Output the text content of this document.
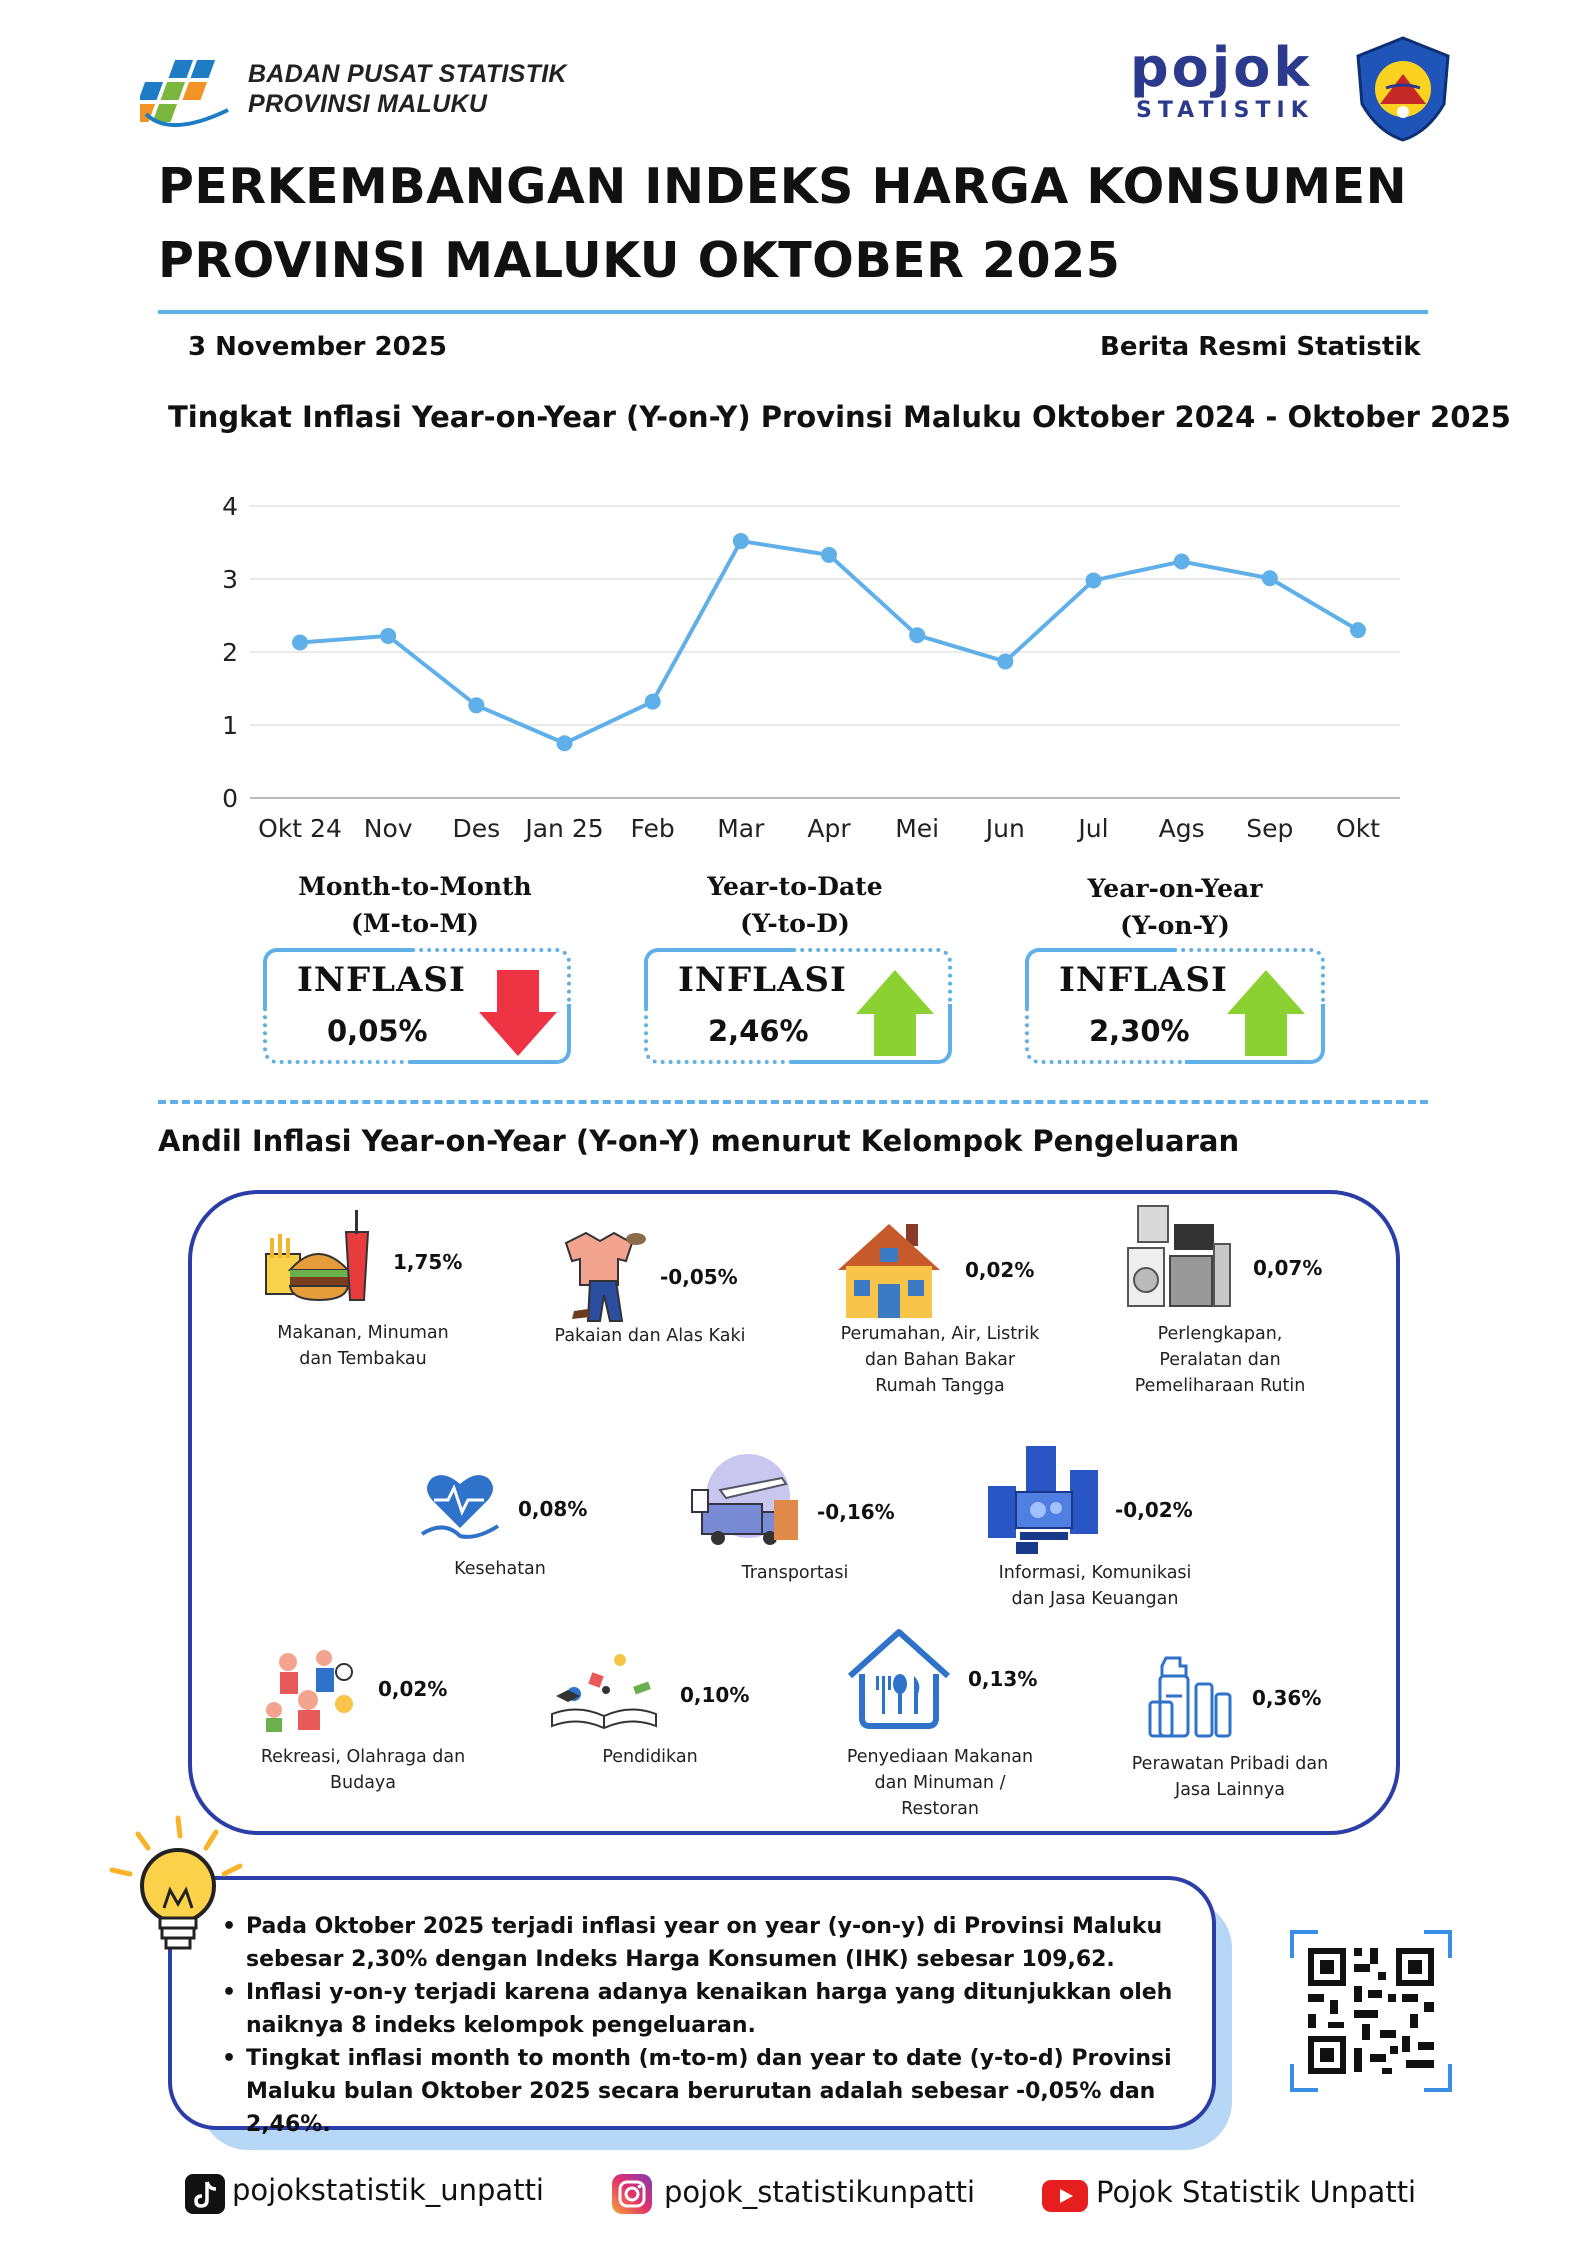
BADAN PUSAT STATISTIK
PROVINSI MALUKU
pojok
STATISTIK
PERKEMBANGAN INDEKS HARGA KONSUMEN
PROVINSI MALUKU OKTOBER 2025
3 November 2025	Berita Resmi Statistik
Tingkat Inflasi Year-on-Year (Y-on-Y) Provinsi Maluku Oktober 2024 - Oktober 2025
0
1
2
3
4
Okt 24 Nov Des Jan 25 Feb Mar Apr Mei Jun Jul Ags Sep Okt
Month-to-Month
(M-to-M)
INFLASI
0,05%
Year-to-Date
(Y-to-D)
INFLASI
2,46%
Year-on-Year
(Y-on-Y)
INFLASI
2,30%
Andil Inflasi Year-on-Year (Y-on-Y) menurut Kelompok Pengeluaran
1,75%
Makanan, Minuman
dan Tembakau
-0,05%
Pakaian dan Alas Kaki
0,02%
Perumahan, Air, Listrik
dan Bahan Bakar
Rumah Tangga
0,07%
Perlengkapan,
Peralatan dan
Pemeliharaan Rutin
0,08%
Kesehatan
-0,16%
Transportasi
-0,02%
Informasi, Komunikasi
dan Jasa Keuangan
0,02%
Rekreasi, Olahraga dan
Budaya
0,10%
Pendidikan
0,13%
Penyediaan Makanan
dan Minuman /
Restoran
0,36%
Perawatan Pribadi dan
Jasa Lainnya
• Pada Oktober 2025 terjadi inflasi year on year (y-on-y) di Provinsi Maluku sebesar 2,30% dengan Indeks Harga Konsumen (IHK) sebesar 109,62.
• Inflasi y-on-y terjadi karena adanya kenaikan harga yang ditunjukkan oleh naiknya 8 indeks kelompok pengeluaran.
• Tingkat inflasi month to month (m-to-m) dan year to date (y-to-d) Provinsi Maluku bulan Oktober 2025 secara berurutan adalah sebesar -0,05% dan 2,46%.
pojokstatistik_unpatti	pojok_statistikunpatti	Pojok Statistik Unpatti
